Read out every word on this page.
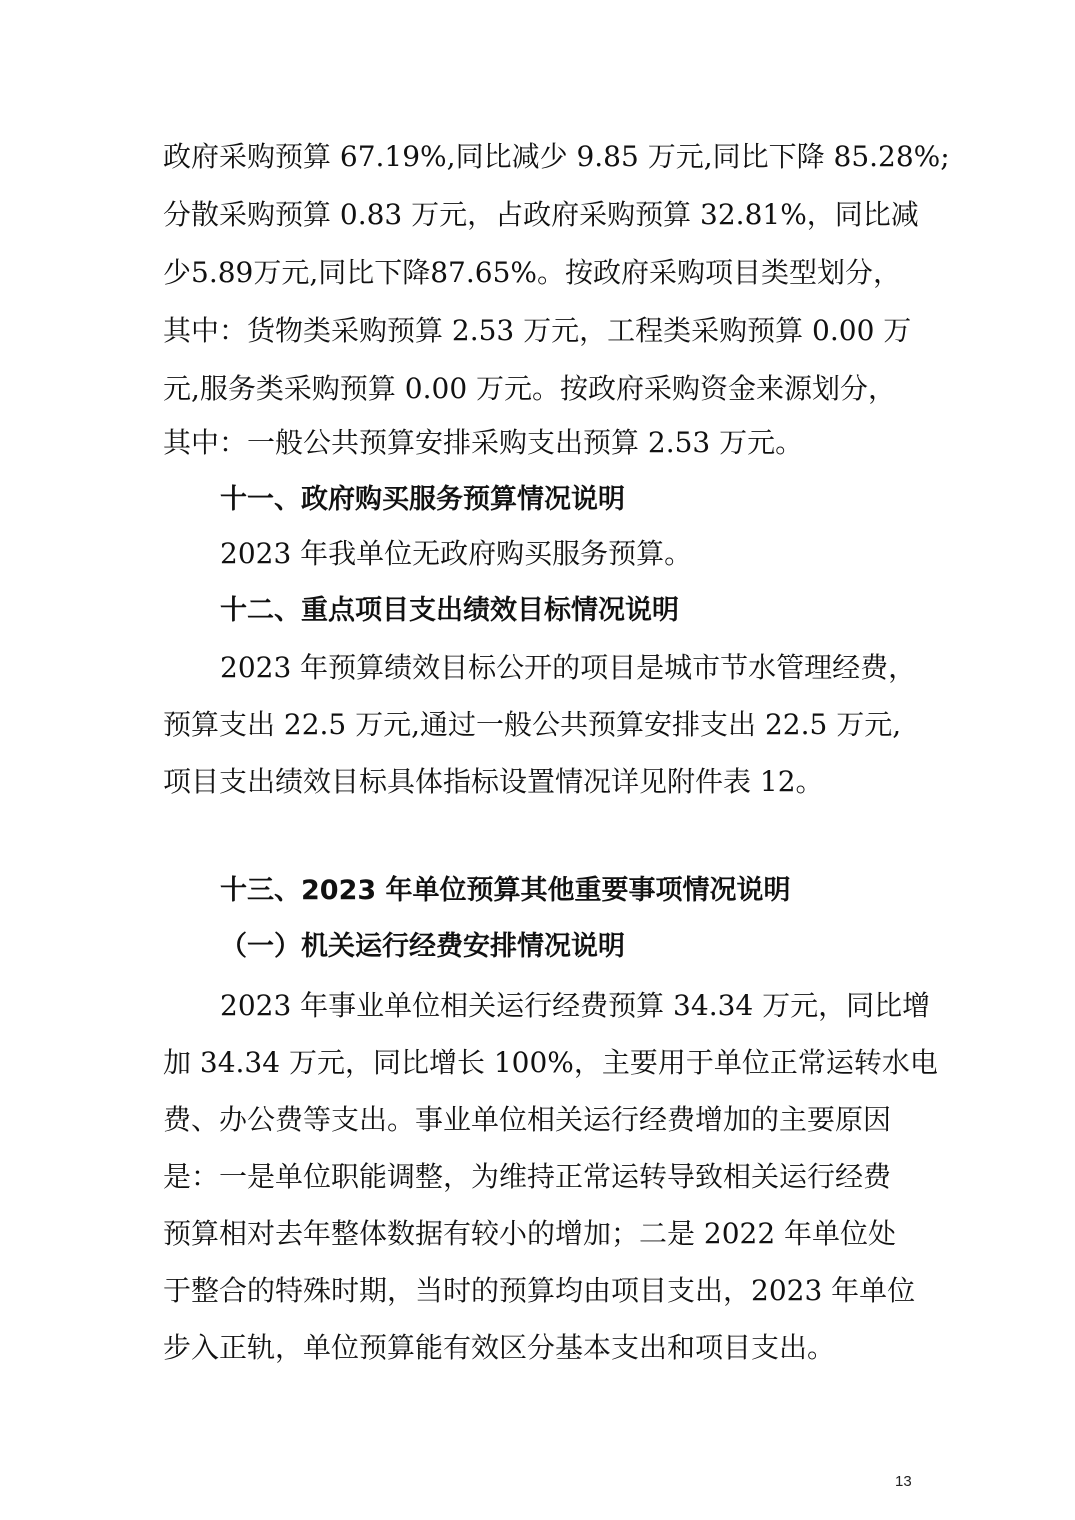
政府采购预算 67.19%,同比减少 9.85 万元,同比下降 85.28%;

分散采购预算 0.83 万元，占政府采购预算 32.81%，同比减

少5.89万元,同比下降87.65%。按政府采购项目类型划分，

其中：货物类采购预算 2.53 万元，工程类采购预算 0.00 万

元,服务类采购预算 0.00 万元。按政府采购资金来源划分，

其中：一般公共预算安排采购支出预算 2.53 万元。

十一、政府购买服务预算情况说明

2023 年我单位无政府购买服务预算。

十二、重点项目支出绩效目标情况说明

2023 年预算绩效目标公开的项目是城市节水管理经费，

预算支出 22.5 万元,通过一般公共预算安排支出 22.5 万元,

项目支出绩效目标具体指标设置情况详见附件表 12。

十三、2023 年单位预算其他重要事项情况说明

（一）机关运行经费安排情况说明

2023 年事业单位相关运行经费预算 34.34 万元，同比增

加 34.34 万元，同比增长 100%，主要用于单位正常运转水电

费、办公费等支出。事业单位相关运行经费增加的主要原因

是：一是单位职能调整，为维持正常运转导致相关运行经费

预算相对去年整体数据有较小的增加；二是 2022 年单位处

于整合的特殊时期，当时的预算均由项目支出，2023 年单位

步入正轨，单位预算能有效区分基本支出和项目支出。

13
